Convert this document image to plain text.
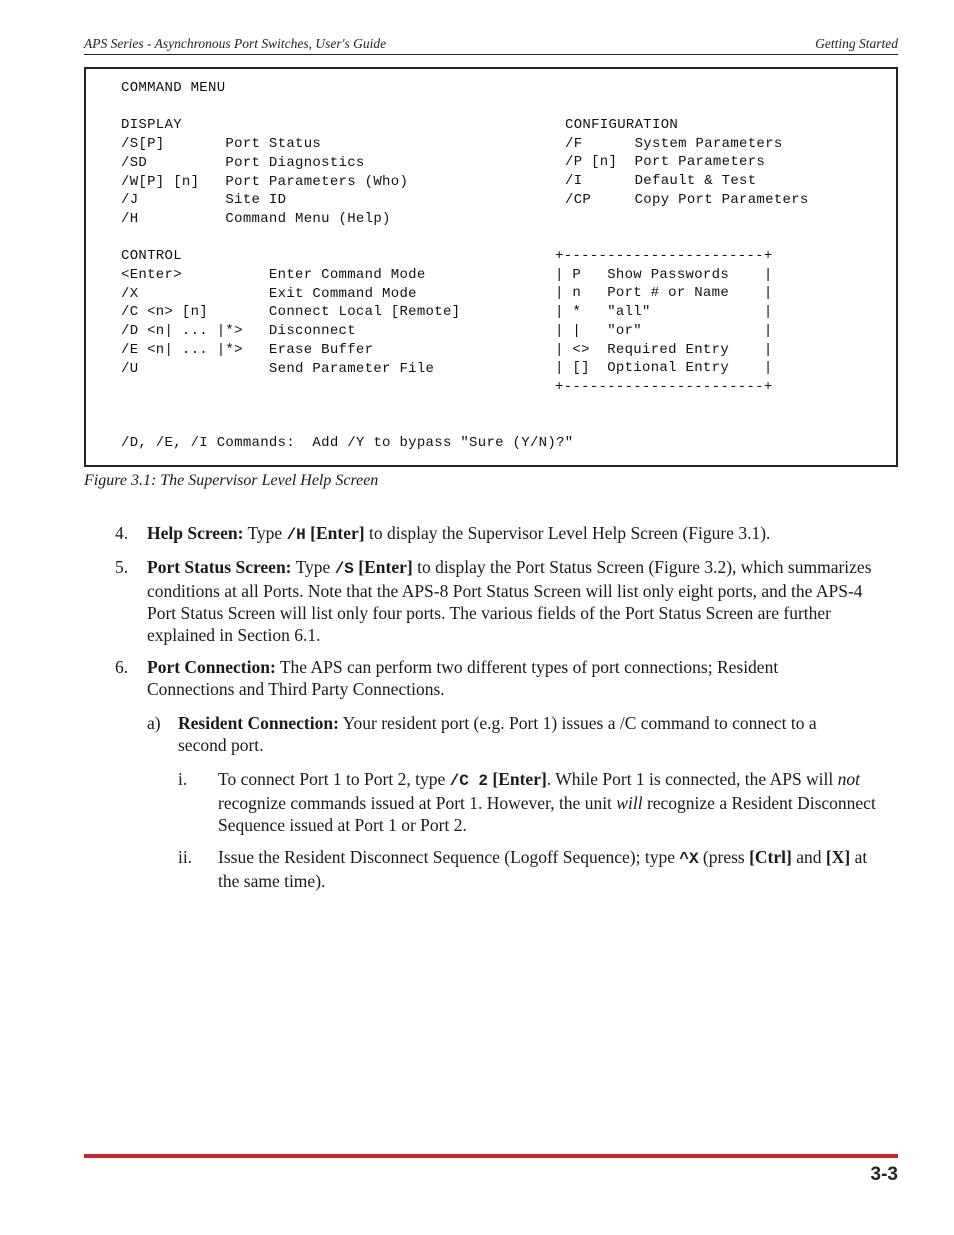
APS Series - Asynchronous Port Switches, User's Guide	Getting Started
COMMAND MENU

DISPLAY
/S[P]       Port Status
/SD         Port Diagnostics
/W[P] [n]   Port Parameters (Who)
/J          Site ID
/H          Command Menu (Help)

CONTROL
<Enter>          Enter Command Mode
/X               Exit Command Mode
/C <n> [n]       Connect Local [Remote]
/D <n| ... |*>   Disconnect
/E <n| ... |*>   Erase Buffer
/U               Send Parameter File
CONFIGURATION
/F      System Parameters
/P [n]  Port Parameters
/I      Default & Test
/CP     Copy Port Parameters
+-----------------------+
| P   Show Passwords    |
| n   Port # or Name    |
| *   "all"             |
| |   "or"              |
| <>  Required Entry    |
| []  Optional Entry    |
+-----------------------+
/D, /E, /I Commands:  Add /Y to bypass "Sure (Y/N)?"
Figure 3.1: The Supervisor Level Help Screen
4. Help Screen: Type /H [Enter] to display the Supervisor Level Help Screen (Figure 3.1).
5. Port Status Screen: Type /S [Enter] to display the Port Status Screen (Figure 3.2), which summarizes conditions at all Ports. Note that the APS-8 Port Status Screen will list only eight ports, and the APS-4 Port Status Screen will list only four ports. The various fields of the Port Status Screen are further explained in Section 6.1.
6. Port Connection: The APS can perform two different types of port connections; Resident Connections and Third Party Connections.
a) Resident Connection: Your resident port (e.g. Port 1) issues a /C command to connect to a second port.
i. To connect Port 1 to Port 2, type /C 2 [Enter]. While Port 1 is connected, the APS will not recognize commands issued at Port 1. However, the unit will recognize a Resident Disconnect Sequence issued at Port 1 or Port 2.
ii. Issue the Resident Disconnect Sequence (Logoff Sequence); type ^X (press [Ctrl] and [X] at the same time).
3-3
